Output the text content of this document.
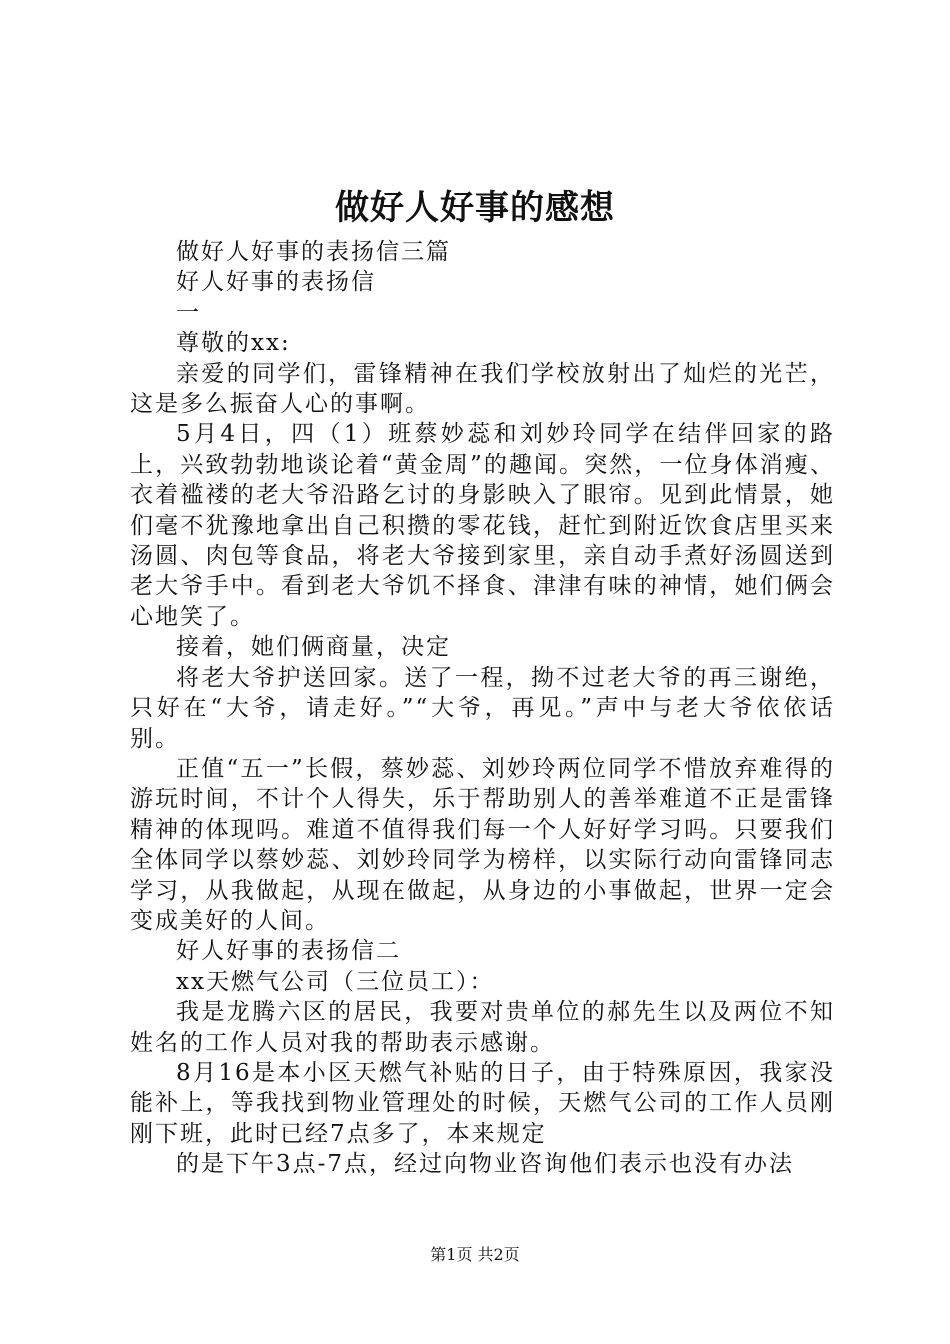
做好人好事的感想

做好人好事的表扬信三篇

好人好事的表扬信

一

尊敬的xx:

亲爱的同学们，雷锋精神在我们学校放射出了灿烂的光芒，这是多么振奋人心的事啊。

5月4日，四（1）班蔡妙蕊和刘妙玲同学在结伴回家的路上，兴致勃勃地谈论着“黄金周”的趣闻。突然，一位身体消瘦、衣着褴褛的老大爷沿路乞讨的身影映入了眼帘。见到此情景，她们毫不犹豫地拿出自己积攒的零花钱，赶忙到附近饮食店里买来汤圆、肉包等食品，将老大爷接到家里，亲自动手煮好汤圆送到老大爷手中。看到老大爷饥不择食、津津有味的神情，她们俩会心地笑了。

接着，她们俩商量，决定

将老大爷护送回家。送了一程，拗不过老大爷的再三谢绝，只好在“大爷，请走好。”“大爷，再见。”声中与老大爷依依话别。

正值“五一”长假，蔡妙蕊、刘妙玲两位同学不惜放弃难得的游玩时间，不计个人得失，乐于帮助别人的善举难道不正是雷锋精神的体现吗。难道不值得我们每一个人好好学习吗。只要我们全体同学以蔡妙蕊、刘妙玲同学为榜样，以实际行动向雷锋同志学习，从我做起，从现在做起，从身边的小事做起，世界一定会变成美好的人间。

好人好事的表扬信二

xx天燃气公司（三位员工）：

我是龙腾六区的居民，我要对贵单位的郝先生以及两位不知姓名的工作人员对我的帮助表示感谢。

8月16是本小区天燃气补贴的日子，由于特殊原因，我家没能补上，等我找到物业管理处的时候，天燃气公司的工作人员刚刚下班，此时已经7点多了，本来规定

的是下午3点-7点，经过向物业咨询他们表示也没有办法

第1页 共2页
